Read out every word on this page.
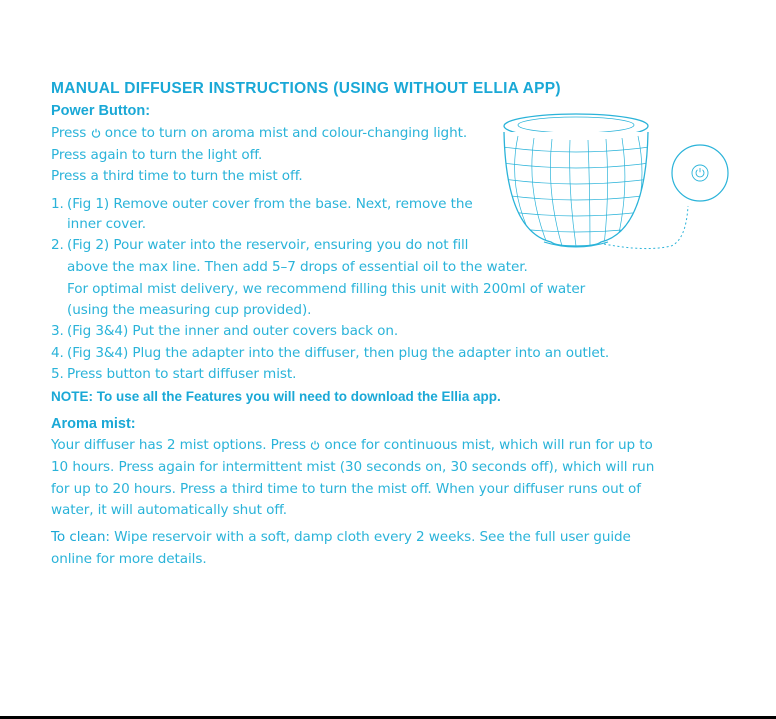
MANUAL DIFFUSER INSTRUCTIONS (USING WITHOUT ELLIA APP)
Power Button:
Press once to turn on aroma mist and colour-changing light.
Press again to turn the light off.
Press a third time to turn the mist off.
1. (Fig 1) Remove outer cover from the base. Next, remove the
inner cover.
2. (Fig 2) Pour water into the reservoir, ensuring you do not fill
above the max line. Then add 5–7 drops of essential oil to the water.
For optimal mist delivery, we recommend filling this unit with 200ml of water
(using the measuring cup provided).
3. (Fig 3&4) Put the inner and outer covers back on.
4. (Fig 3&4) Plug the adapter into the diffuser, then plug the adapter into an outlet.
5. Press button to start diffuser mist.
NOTE: To use all the Features you will need to download the Ellia app.
Aroma mist:
Your diffuser has 2 mist options. Press once for continuous mist, which will run for up to
10 hours. Press again for intermittent mist (30 seconds on, 30 seconds off), which will run
for up to 20 hours. Press a third time to turn the mist off. When your diffuser runs out of
water, it will automatically shut off.
To clean: Wipe reservoir with a soft, damp cloth every 2 weeks. See the full user guide
online for more details.
